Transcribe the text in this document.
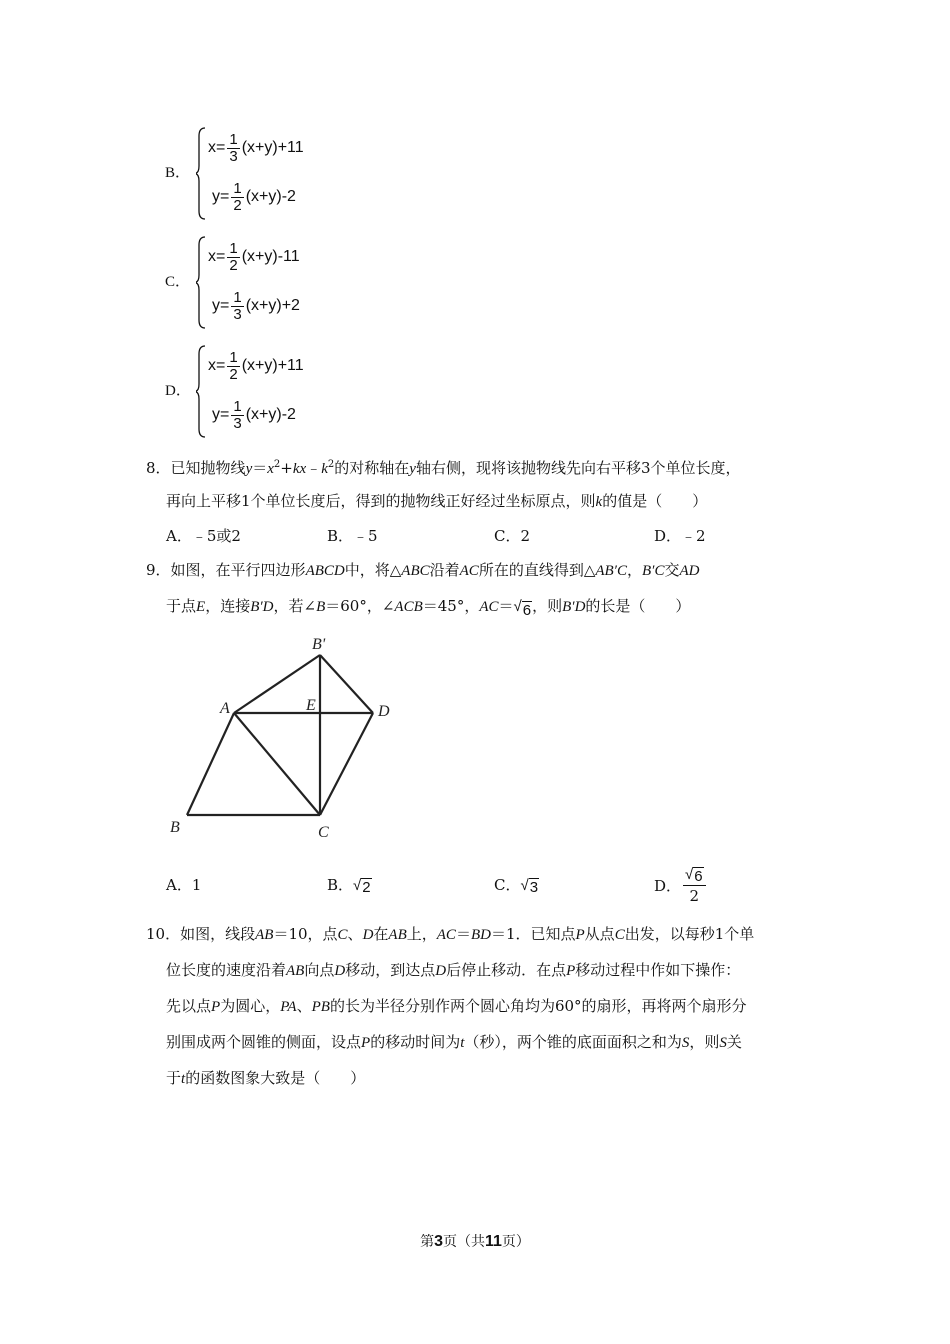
B．
$x= \frac{1}{3} (x+y)+11$
$y= \frac{1}{2} (x+y)-2$
C．
$x= \frac{1}{2} (x+y)-11$
$y= \frac{1}{3} (x+y)+2$
D．
$x= \frac{1}{2} (x+y)+11$
$y= \frac{1}{3} (x+y)-2$
8．已知抛物线$y=x^2+kx﹣k^2$的对称轴在y轴右侧，现将该抛物线先向右平移3个单位长度，
再向上平移1个单位长度后，得到的抛物线正好经过坐标原点，则k的值是（　　）
A．﹣5或2	B．﹣5	C．2	D．﹣2
9．如图，在平行四边形ABCD中，将△ABC沿着AC所在的直线得到△AB′C，B′C交AD
于点E，连接B′D，若∠B＝60°，∠ACB＝45°，AC＝ √ 6 ，则B′D的长是（　　）
A
B	C
D
E
B'
A．1	B． √ 2	C． √ 3	D． $\frac{√ 6}{2}$
10．如图，线段AB＝10，点C、D在AB上，AC＝BD＝1．已知点P从点C出发，以每秒1个单
位长度的速度沿着AB向点D移动，到达点D后停止移动．在点P移动过程中作如下操作：
先以点P为圆心，PA、PB的长为半径分别作两个圆心角均为60°的扇形，再将两个扇形分
别围成两个圆锥的侧面，设点P的移动时间为t（秒），两个锥的底面面积之和为S，则S关
于t的函数图象大致是（　　）
第3页（共11页）
